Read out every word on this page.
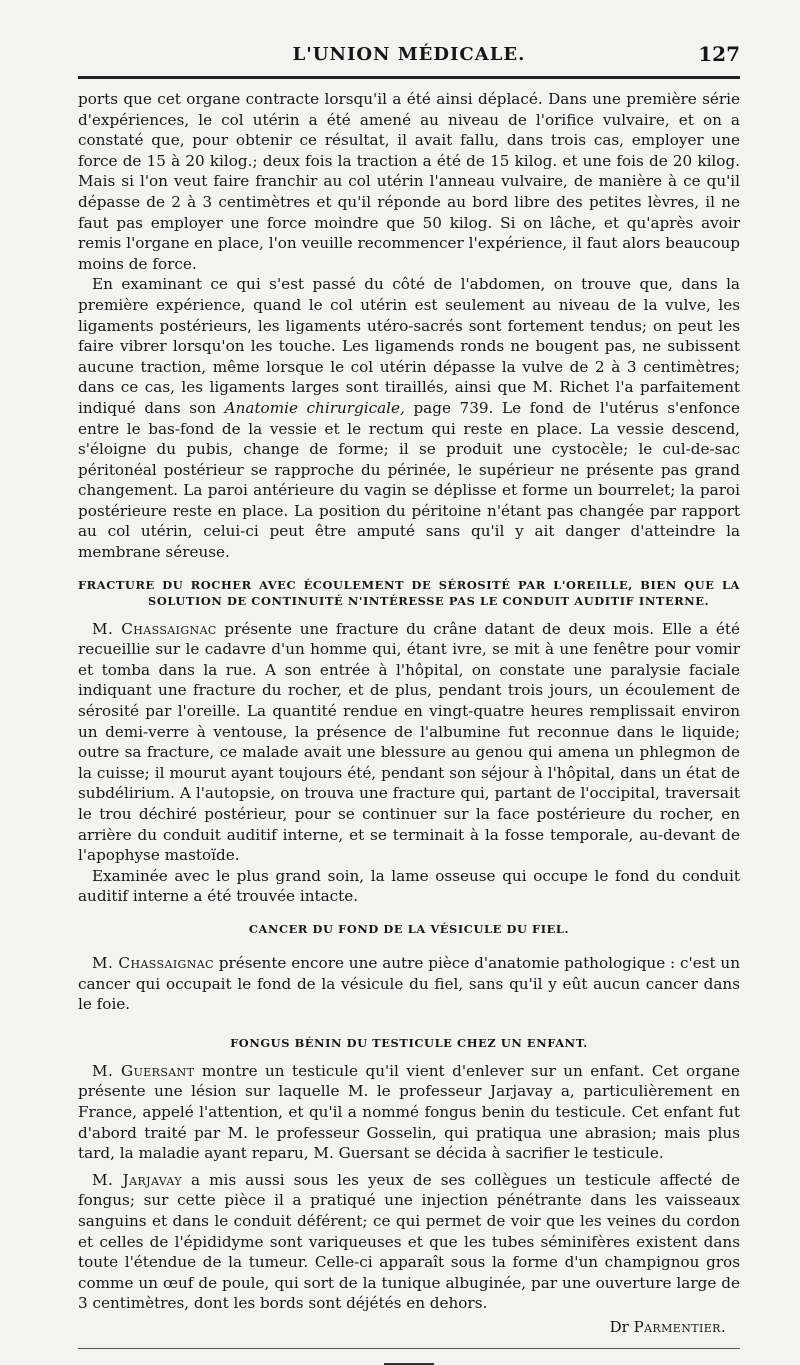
L'UNION MÉDICALE.	127

ports que cet organe contracte lorsqu'il a été ainsi déplacé. Dans une première série d'expériences, le col utérin a été amené au niveau de l'orifice vulvaire, et on a constaté que, pour obtenir ce résultat, il avait fallu, dans trois cas, employer une force de 15 à 20 kilog.; deux fois la traction a été de 15 kilog. et une fois de 20 kilog. Mais si l'on veut faire franchir au col utérin l'anneau vulvaire, de manière à ce qu'il dépasse de 2 à 3 centimètres et qu'il réponde au bord libre des petites lèvres, il ne faut pas employer une force moindre que 50 kilog. Si on lâche, et qu'après avoir remis l'organe en place, l'on veuille recommencer l'expérience, il faut alors beaucoup moins de force.

En examinant ce qui s'est passé du côté de l'abdomen, on trouve que, dans la première expérience, quand le col utérin est seulement au niveau de la vulve, les ligaments postérieurs, les ligaments utéro-sacrés sont fortement tendus; on peut les faire vibrer lorsqu'on les touche. Les ligamends ronds ne bougent pas, ne subissent aucune traction, même lorsque le col utérin dépasse la vulve de 2 à 3 centimètres; dans ce cas, les ligaments larges sont tiraillés, ainsi que M. Richet l'a parfaitement indiqué dans son Anatomie chirurgicale, page 739. Le fond de l'utérus s'enfonce entre le bas-fond de la vessie et le rectum qui reste en place. La vessie descend, s'éloigne du pubis, change de forme; il se produit une cystocèle; le cul-de-sac péritonéal postérieur se rapproche du périnée, le supérieur ne présente pas grand changement. La paroi antérieure du vagin se déplisse et forme un bourrelet; la paroi postérieure reste en place. La position du péritoine n'étant pas changée par rapport au col utérin, celui-ci peut être amputé sans qu'il y ait danger d'atteindre la membrane séreuse.

FRACTURE DU ROCHER AVEC ÉCOULEMENT DE SÉROSITÉ PAR L'OREILLE, BIEN QUE LA SOLUTION DE CONTINUITÉ N'INTÉRESSE PAS LE CONDUIT AUDITIF INTERNE.

M. Chassaignac présente une fracture du crâne datant de deux mois. Elle a été recueillie sur le cadavre d'un homme qui, étant ivre, se mit à une fenêtre pour vomir et tomba dans la rue. A son entrée à l'hôpital, on constate une paralysie faciale indiquant une fracture du rocher, et de plus, pendant trois jours, un écoulement de sérosité par l'oreille. La quantité rendue en vingt-quatre heures remplissait environ un demi-verre à ventouse, la présence de l'albumine fut reconnue dans le liquide; outre sa fracture, ce malade avait une blessure au genou qui amena un phlegmon de la cuisse; il mourut ayant toujours été, pendant son séjour à l'hôpital, dans un état de subdélirium. A l'autopsie, on trouva une fracture qui, partant de l'occipital, traversait le trou déchiré postérieur, pour se continuer sur la face postérieure du rocher, en arrière du conduit auditif interne, et se terminait à la fosse temporale, au-devant de l'apophyse mastoïde.

Examinée avec le plus grand soin, la lame osseuse qui occupe le fond du conduit auditif interne a été trouvée intacte.

CANCER DU FOND DE LA VÉSICULE DU FIEL.

M. Chassaignac présente encore une autre pièce d'anatomie pathologique : c'est un cancer qui occupait le fond de la vésicule du fiel, sans qu'il y eût aucun cancer dans le foie.

FONGUS BÉNIN DU TESTICULE CHEZ UN ENFANT.

M. Guersant montre un testicule qu'il vient d'enlever sur un enfant. Cet organe présente une lésion sur laquelle M. le professeur Jarjavay a, particulièrement en France, appelé l'attention, et qu'il a nommé fongus benin du testicule. Cet enfant fut d'abord traité par M. le professeur Gosselin, qui pratiqua une abrasion; mais plus tard, la maladie ayant reparu, M. Guersant se décida à sacrifier le testicule.

M. Jarjavay a mis aussi sous les yeux de ses collègues un testicule affecté de fongus; sur cette pièce il a pratiqué une injection pénétrante dans les vaisseaux sanguins et dans le conduit déférent; ce qui permet de voir que les veines du cordon et celles de l'épididyme sont variqueuses et que les tubes séminifères existent dans toute l'étendue de la tumeur. Celle-ci apparaît sous la forme d'un champignou gros comme un œuf de poule, qui sort de la tunique albuginée, par une ouverture large de 3 centimètres, dont les bords sont déjétés en dehors.

Dr Parmentier.
